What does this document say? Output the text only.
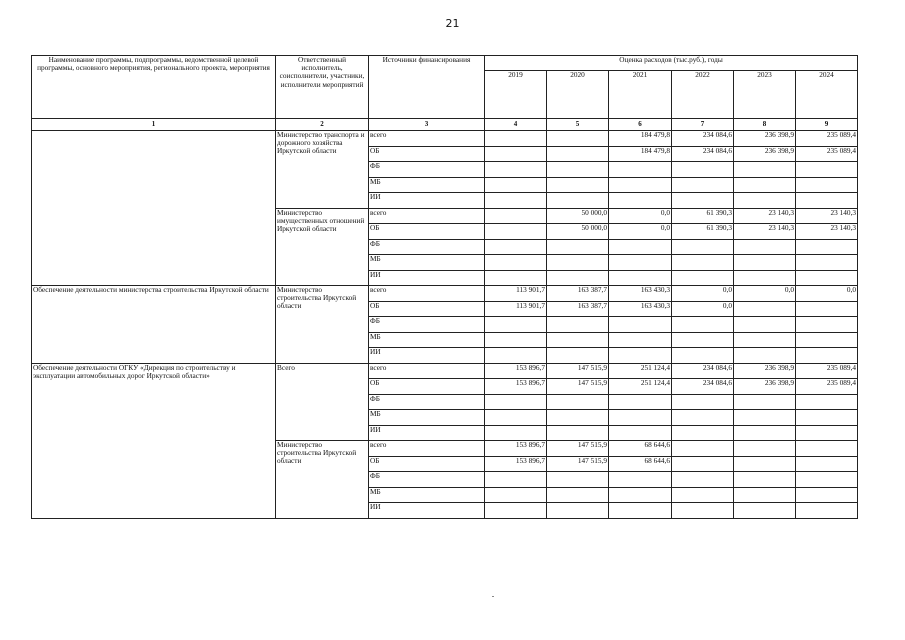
21
Наименование программы, подпрограммы, ведомственной целевой программы, основного мероприятия, регионального проекта, мероприятия	Ответственный исполнитель, соисполнители, участники, исполнители мероприятий	Источники финансирования	Оценка расходов (тыс.руб.), годы					
			2019	2020	2021	2022	2023	2024
1	2	3	4	5	6	7	8	9
	Министерство транспорта и дорожного хозяйства Иркутской области	всего			184 479,8	234 084,6	236 398,9	235 089,4
		ОБ			184 479,8	234 084,6	236 398,9	235 089,4
		ФБ						
		МБ						
		ИИ						
	Министерство имущественных отношений Иркутской области	всего		50 000,0	0,0	61 390,3	23 140,3	23 140,3
		ОБ		50 000,0	0,0	61 390,3	23 140,3	23 140,3
		ФБ						
		МБ						
		ИИ						
Обеспечение деятельности министерства строительства Иркутской области	Министерство строительства Иркутской области	всего	113 901,7	163 387,7	163 430,3	0,0	0,0	0,0
		ОБ	113 901,7	163 387,7	163 430,3	0,0		
		ФБ						
		МБ						
		ИИ						
Обеспечение деятельности ОГКУ «Дирекция по строительству и эксплуатации автомобильных дорог Иркутской области»	Всего	всего	153 896,7	147 515,9	251 124,4	234 084,6	236 398,9	235 089,4
		ОБ	153 896,7	147 515,9	251 124,4	234 084,6	236 398,9	235 089,4
		ФБ						
		МБ						
		ИИ						
	Министерство строительства Иркутской области	всего	153 896,7	147 515,9	68 644,6			
		ОБ	153 896,7	147 515,9	68 644,6			
		ФБ						
		МБ						
		ИИ						
